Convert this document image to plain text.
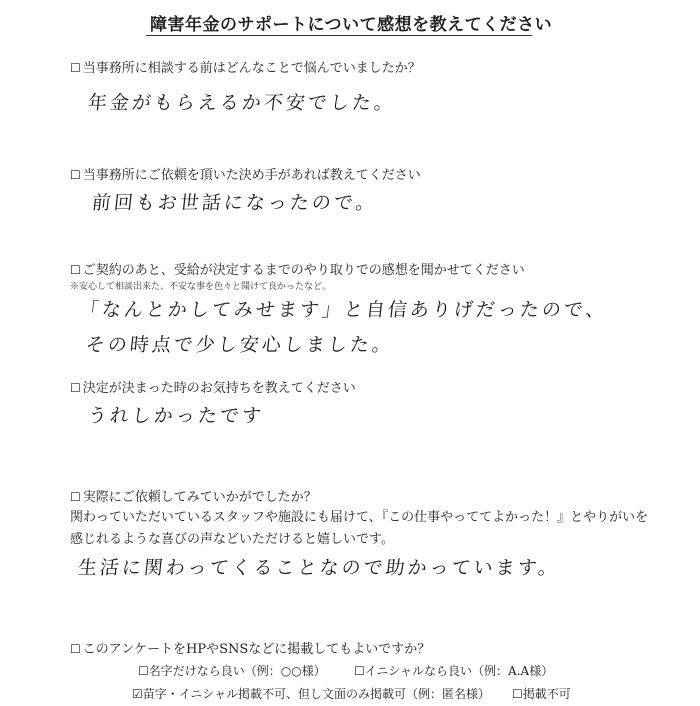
障害年金のサポートについて感想を教えてください
☐ 当事務所に相談する前はどんなことで悩んでいましたか？
年金がもらえるか不安でした。
☐ 当事務所にご依頼を頂いた決め手があれば教えてください
前回もお世話になったので。
☐ ご契約のあと、受給が決定するまでのやり取りでの感想を聞かせてください
※安心して相談出来た、不安な事を色々と聞けて良かったなど。
「なんとかしてみせます」と自信ありげだったので、
その時点で少し安心しました。
☐ 決定が決まった時のお気持ちを教えてください
うれしかったです
☐ 実際にご依頼してみていかがでしたか？
関わっていただいているスタッフや施設にも届けて、『この仕事やっててよかった！』とやりがいを
感じれるような喜びの声などいただけると嬉しいです。
生活に関わってくることなので助かっています。
☐ このアンケートをHPやSNSなどに掲載してもよいですか？
☐名字だけなら良い（例：○○様） ☐イニシャルなら良い（例：A.A様）
☑苗字・イニシャル掲載不可、但し文面のみ掲載可（例：匿名様） ☐掲載不可
